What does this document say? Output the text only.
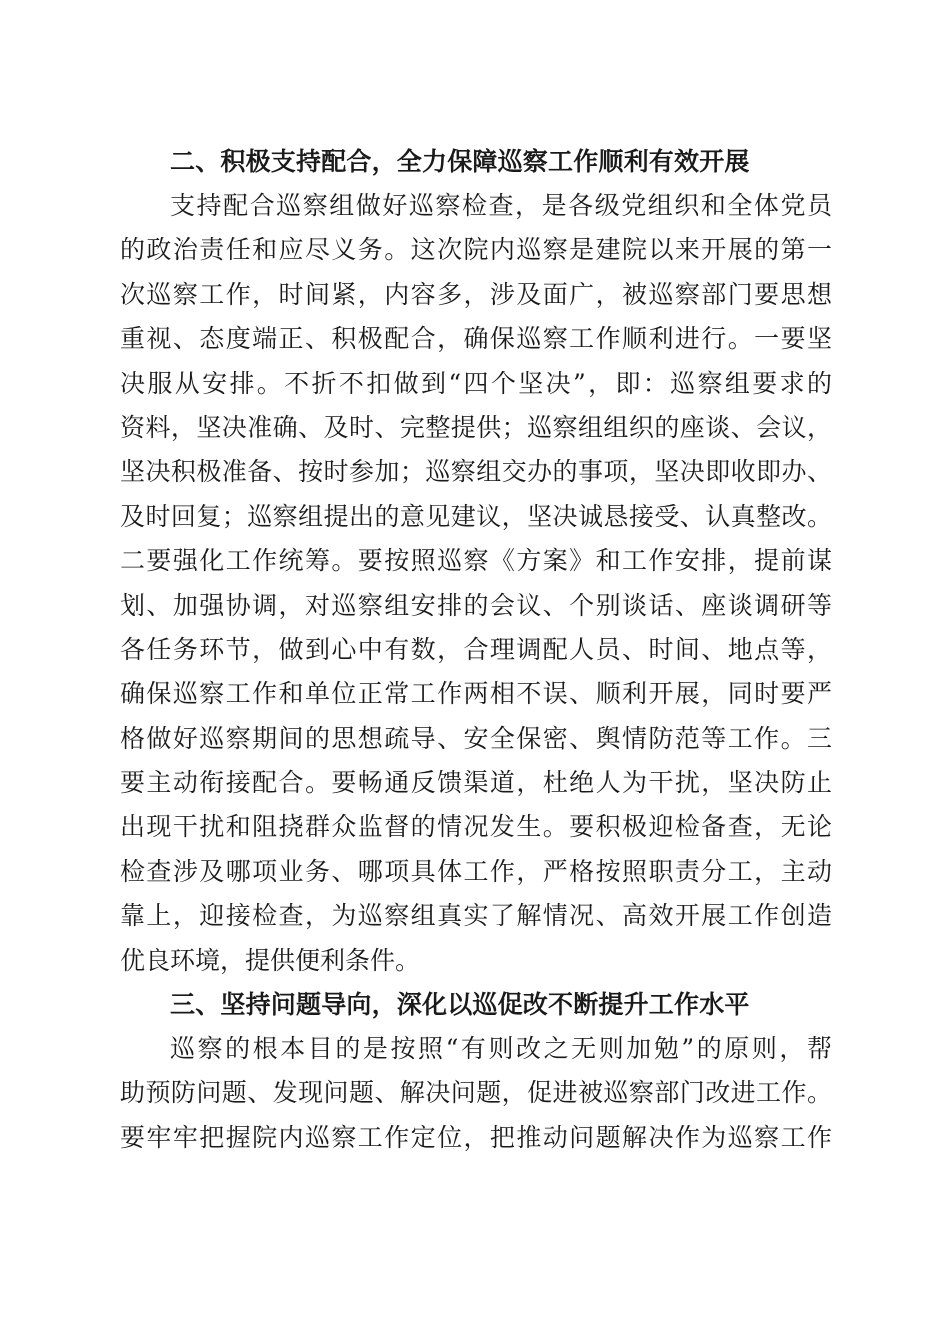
二、积极支持配合，全力保障巡察工作顺利有效开展
支持配合巡察组做好巡察检查，是各级党组织和全体党员
的政治责任和应尽义务。这次院内巡察是建院以来开展的第一
次巡察工作，时间紧，内容多，涉及面广，被巡察部门要思想
重视、态度端正、积极配合，确保巡察工作顺利进行。一要坚
决服从安排。不折不扣做到“四个坚决”，即：巡察组要求的
资料，坚决准确、及时、完整提供；巡察组组织的座谈、会议，
坚决积极准备、按时参加；巡察组交办的事项，坚决即收即办、
及时回复；巡察组提出的意见建议，坚决诚恳接受、认真整改。
二要强化工作统筹。要按照巡察《方案》和工作安排，提前谋
划、加强协调，对巡察组安排的会议、个别谈话、座谈调研等
各任务环节，做到心中有数，合理调配人员、时间、地点等，
确保巡察工作和单位正常工作两相不误、顺利开展，同时要严
格做好巡察期间的思想疏导、安全保密、舆情防范等工作。三
要主动衔接配合。要畅通反馈渠道，杜绝人为干扰，坚决防止
出现干扰和阻挠群众监督的情况发生。要积极迎检备查，无论
检查涉及哪项业务、哪项具体工作，严格按照职责分工，主动
靠上，迎接检查，为巡察组真实了解情况、高效开展工作创造
优良环境，提供便利条件。
三、坚持问题导向，深化以巡促改不断提升工作水平
巡察的根本目的是按照“有则改之无则加勉”的原则，帮
助预防问题、发现问题、解决问题，促进被巡察部门改进工作。
要牢牢把握院内巡察工作定位，把推动问题解决作为巡察工作
